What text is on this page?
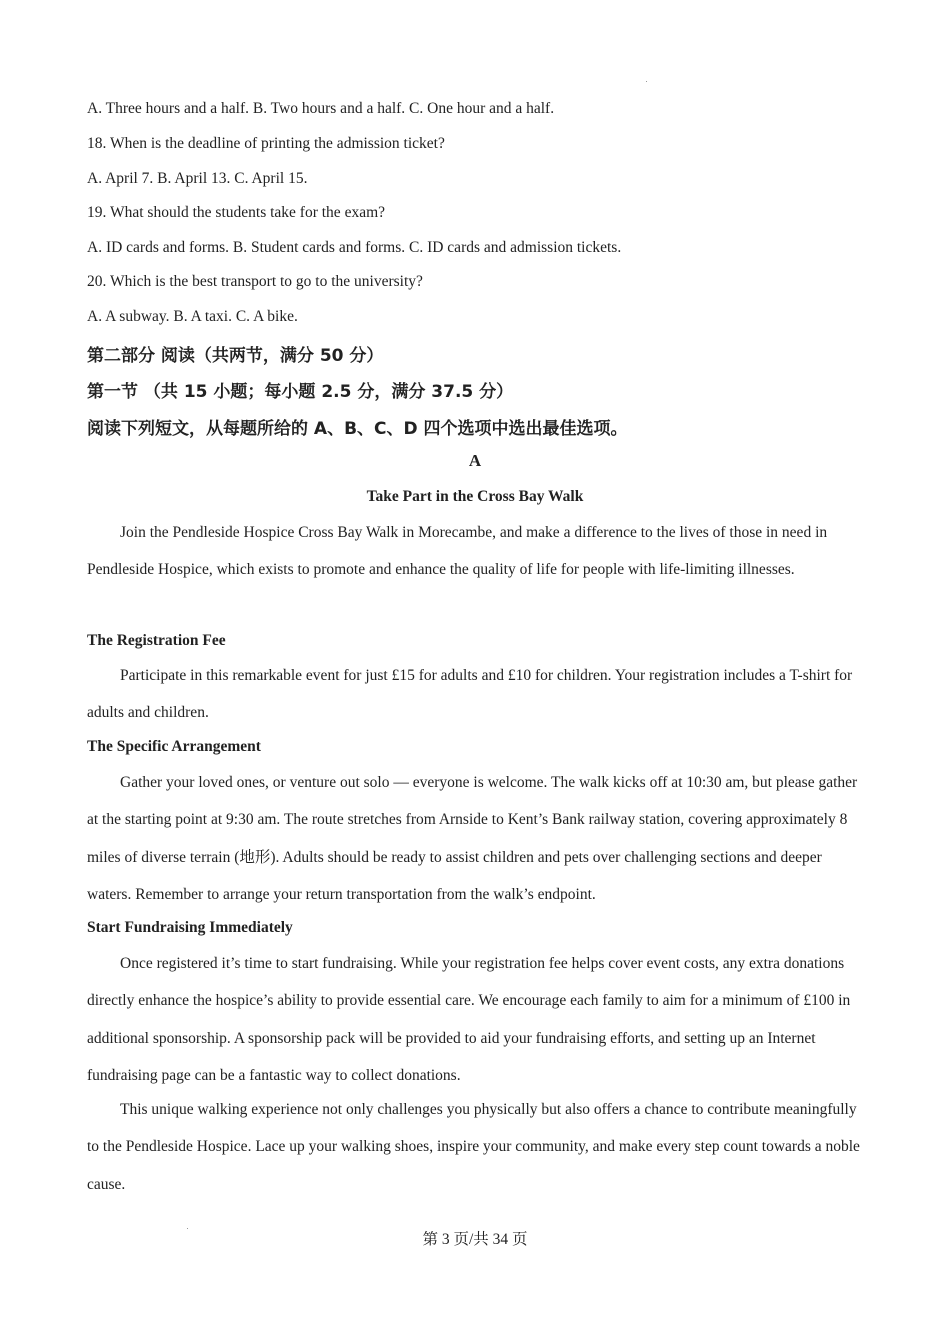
A. Three hours and a half. B. Two hours and a half. C. One hour and a half.
18. When is the deadline of printing the admission ticket?
A. April 7. B. April 13. C. April 15.
19. What should the students take for the exam?
A. ID cards and forms. B. Student cards and forms. C. ID cards and admission tickets.
20. Which is the best transport to go to the university?
A. A subway. B. A taxi. C. A bike.
第二部分 阅读（共两节，满分 50 分）
第一节 （共 15 小题；每小题 2.5 分，满分 37.5 分）
阅读下列短文，从每题所给的 A、B、C、D 四个选项中选出最佳选项。
A
Take Part in the Cross Bay Walk
Join the Pendleside Hospice Cross Bay Walk in Morecambe, and make a difference to the lives of those in need in Pendleside Hospice, which exists to promote and enhance the quality of life for people with life-limiting illnesses.
The Registration Fee
Participate in this remarkable event for just £15 for adults and £10 for children. Your registration includes a T-shirt for adults and children.
The Specific Arrangement
Gather your loved ones, or venture out solo — everyone is welcome. The walk kicks off at 10:30 am, but please gather at the starting point at 9:30 am. The route stretches from Arnside to Kent’s Bank railway station, covering approximately 8 miles of diverse terrain (地形). Adults should be ready to assist children and pets over challenging sections and deeper waters. Remember to arrange your return transportation from the walk’s endpoint.
Start Fundraising Immediately
Once registered it’s time to start fundraising. While your registration fee helps cover event costs, any extra donations directly enhance the hospice’s ability to provide essential care. We encourage each family to aim for a minimum of £100 in additional sponsorship. A sponsorship pack will be provided to aid your fundraising efforts, and setting up an Internet fundraising page can be a fantastic way to collect donations.
This unique walking experience not only challenges you physically but also offers a chance to contribute meaningfully to the Pendleside Hospice. Lace up your walking shoes, inspire your community, and make every step count towards a noble cause.
第 3 页/共 34 页
